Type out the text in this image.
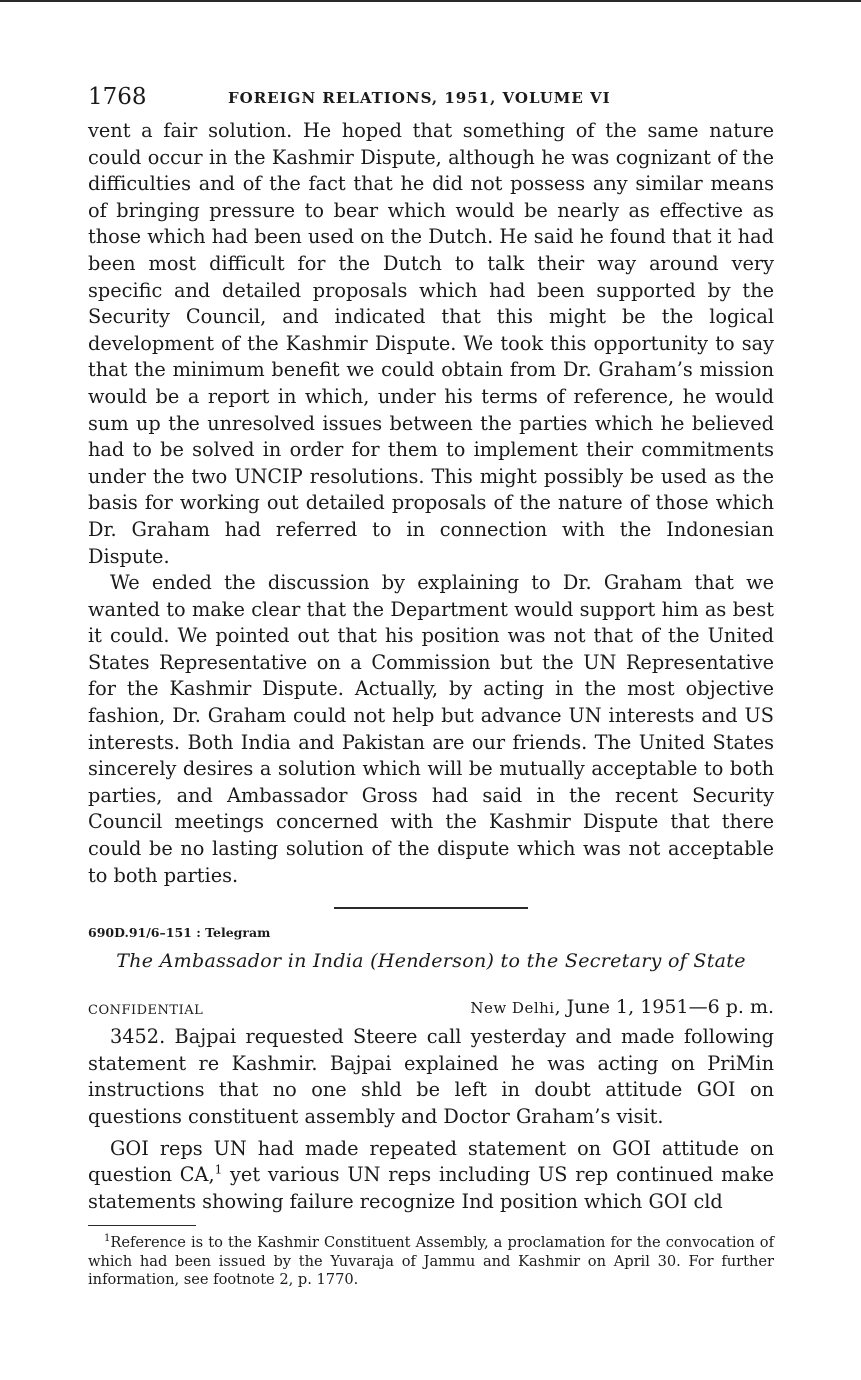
1768	FOREIGN RELATIONS, 1951, VOLUME VI

vent a fair solution. He hoped that something of the same nature could occur in the Kashmir Dispute, although he was cognizant of the difficulties and of the fact that he did not possess any similar means of bringing pressure to bear which would be nearly as effective as those which had been used on the Dutch. He said he found that it had been most difficult for the Dutch to talk their way around very specific and detailed proposals which had been supported by the Security Council, and indicated that this might be the logical development of the Kashmir Dispute. We took this opportunity to say that the minimum benefit we could obtain from Dr. Graham’s mission would be a report in which, under his terms of reference, he would sum up the unresolved issues between the parties which he believed had to be solved in order for them to implement their commitments under the two UNCIP resolutions. This might possibly be used as the basis for working out detailed proposals of the nature of those which Dr. Graham had referred to in connection with the Indonesian Dispute.

We ended the discussion by explaining to Dr. Graham that we wanted to make clear that the Department would support him as best it could. We pointed out that his position was not that of the United States Representative on a Commission but the UN Representative for the Kashmir Dispute. Actually, by acting in the most objective fashion, Dr. Graham could not help but advance UN interests and US interests. Both India and Pakistan are our friends. The United States sincerely desires a solution which will be mutually acceptable to both parties, and Ambassador Gross had said in the recent Security Council meetings concerned with the Kashmir Dispute that there could be no lasting solution of the dispute which was not acceptable to both parties.

690D.91/6–151 : Telegram
The Ambassador in India (Henderson) to the Secretary of State
CONFIDENTIAL	New Delhi, June 1, 1951—6 p. m.

3452. Bajpai requested Steere call yesterday and made following statement re Kashmir. Bajpai explained he was acting on PriMin instructions that no one shld be left in doubt attitude GOI on questions constituent assembly and Doctor Graham’s visit.

GOI reps UN had made repeated statement on GOI attitude on question CA,$^1$ yet various UN reps including US rep continued make statements showing failure recognize Ind position which GOI cld

$^1$Reference is to the Kashmir Constituent Assembly, a proclamation for the convocation of which had been issued by the Yuvaraja of Jammu and Kashmir on April 30. For further information, see footnote 2, p. 1770.
